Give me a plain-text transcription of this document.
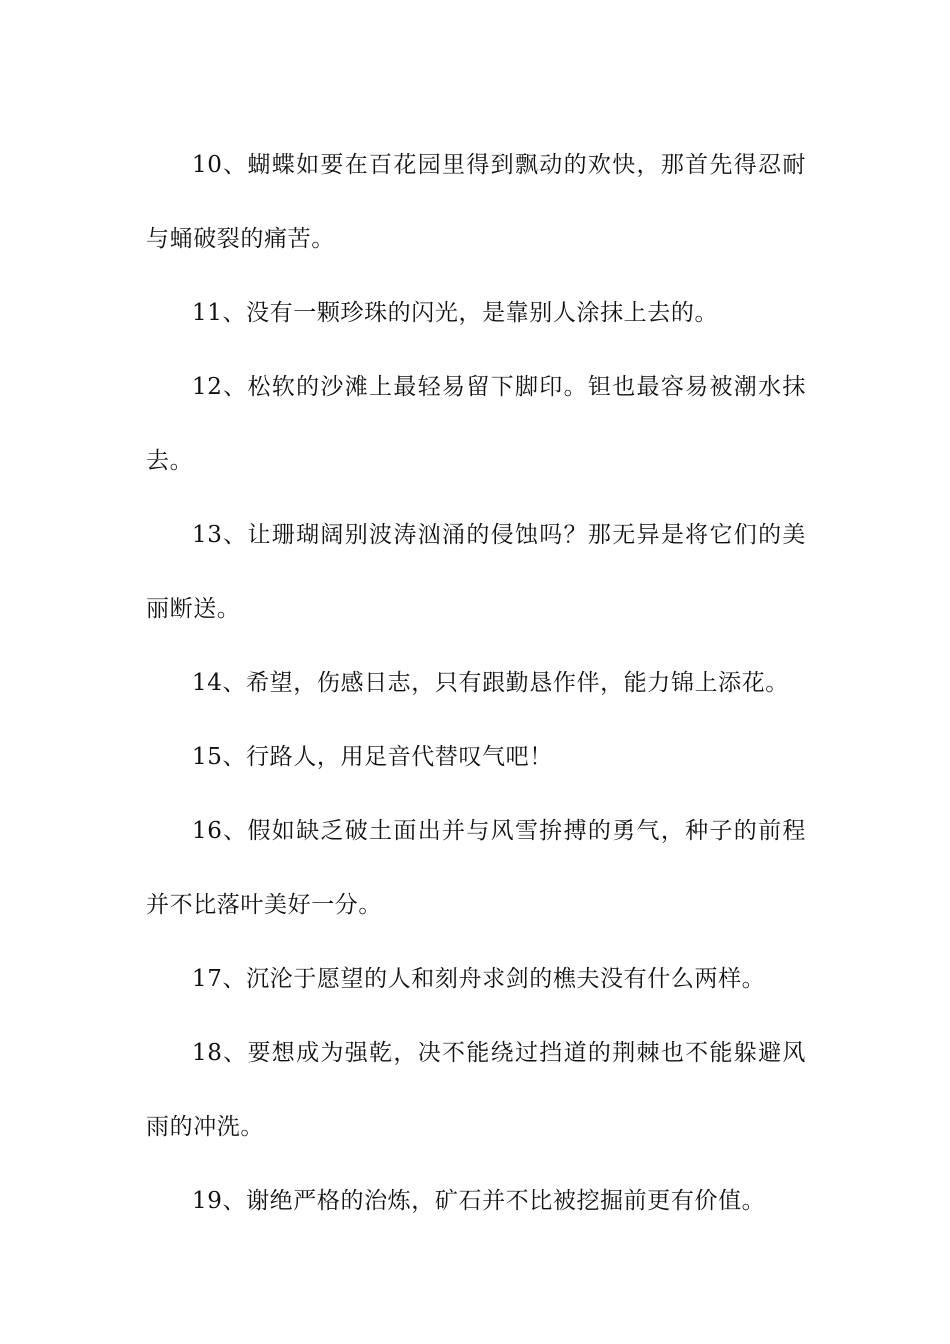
10、蝴蝶如要在百花园里得到飘动的欢快，那首先得忍耐与蛹破裂的痛苦。

11、没有一颗珍珠的闪光，是靠别人涂抹上去的。

12、松软的沙滩上最轻易留下脚印。钽也最容易被潮水抹去。

13、让珊瑚阔别波涛汹涌的侵蚀吗？那无异是将它们的美丽断送。

14、希望，伤感日志，只有跟勤恳作伴，能力锦上添花。

15、行路人，用足音代替叹气吧！

16、假如缺乏破土面出并与风雪拚搏的勇气，种子的前程并不比落叶美好一分。

17、沉沦于愿望的人和刻舟求剑的樵夫没有什么两样。

18、要想成为强乾，决不能绕过挡道的荆棘也不能躲避风雨的冲洗。

19、谢绝严格的治炼，矿石并不比被挖掘前更有价值。
